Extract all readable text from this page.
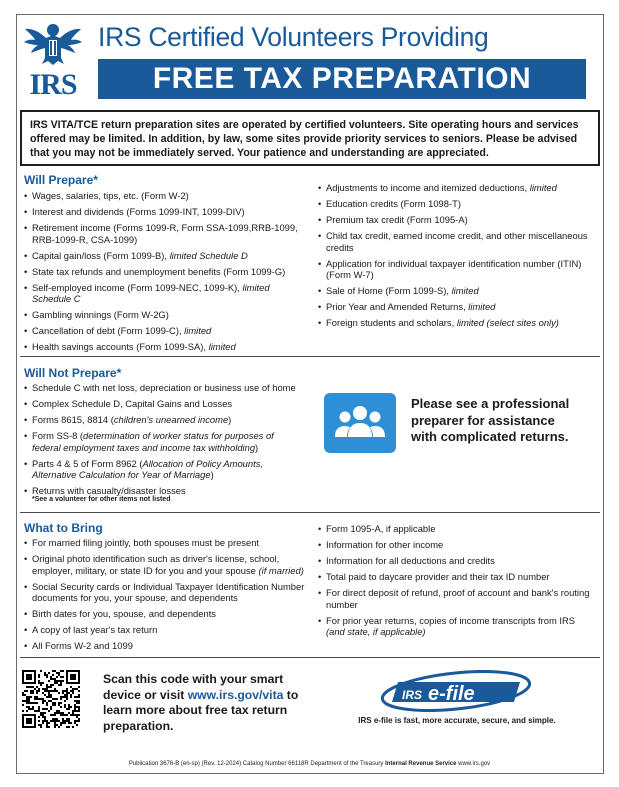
IRS
IRS Certified Volunteers Providing
FREE TAX PREPARATION
IRS VITA/TCE return preparation sites are operated by certified volunteers. Site operating hours and services offered may be limited. In addition, by law, some sites provide priority services to seniors. Please be advised that you may not be immediately served. Your patience and understanding are appreciated.
Will Prepare*
• Wages, salaries, tips, etc. (Form W-2)
• Interest and dividends (Forms 1099-INT, 1099-DIV)
• Retirement income (Forms 1099-R, Form SSA-1099,RRB-1099, RRB-1099-R, CSA-1099)
• Capital gain/loss (Form 1099-B), limited Schedule D
• State tax refunds and unemployment benefits (Form 1099-G)
• Self-employed income (Form 1099-NEC, 1099-K), limited Schedule C
• Gambling winnings (Form W-2G)
• Cancellation of debt (Form 1099-C), limited
• Health savings accounts (Form 1099-SA), limited
• Adjustments to income and itemized deductions, limited
• Education credits (Form 1098-T)
• Premium tax credit (Form 1095-A)
• Child tax credit, earned income credit, and other miscellaneous credits
• Application for individual taxpayer identification number (ITIN) (Form W-7)
• Sale of Home (Form 1099-S), limited
• Prior Year and Amended Returns, limited
• Foreign students and scholars, limited (select sites only)
Will Not Prepare*
• Schedule C with net loss, depreciation or business use of home
• Complex Schedule D, Capital Gains and Losses
• Forms 8615, 8814 (children's unearned income)
• Form SS-8 (determination of worker status for purposes of federal employment taxes and income tax withholding)
• Parts 4 & 5 of Form 8962 (Allocation of Policy Amounts, Alternative Calculation for Year of Marriage)
• Returns with casualty/disaster losses
*See a volunteer for other items not listed
Please see a professional preparer for assistance with complicated returns.
What to Bring
• For married filing jointly, both spouses must be present
• Original photo identification such as driver's license, school, employer, military, or state ID for you and your spouse (if married)
• Social Security cards or Individual Taxpayer Identification Number documents for you, your spouse, and dependents
• Birth dates for you, spouse, and dependents
• A copy of last year's tax return
• All Forms W-2 and 1099
• Form 1095-A, if applicable
• Information for other income
• Information for all deductions and credits
• Total paid to daycare provider and their tax ID number
• For direct deposit of refund, proof of account and bank's routing number
• For prior year returns, copies of income transcripts from IRS (and state, if applicable)
Scan this code with your smart device or visit www.irs.gov/vita to learn more about free tax return preparation.
IRS e-file
IRS e-file is fast, more accurate, secure, and simple.
Publication 3676-B (en-sp) (Rev. 12-2024) Catalog Number 66118R Department of the Treasury Internal Revenue Service www.irs.gov
